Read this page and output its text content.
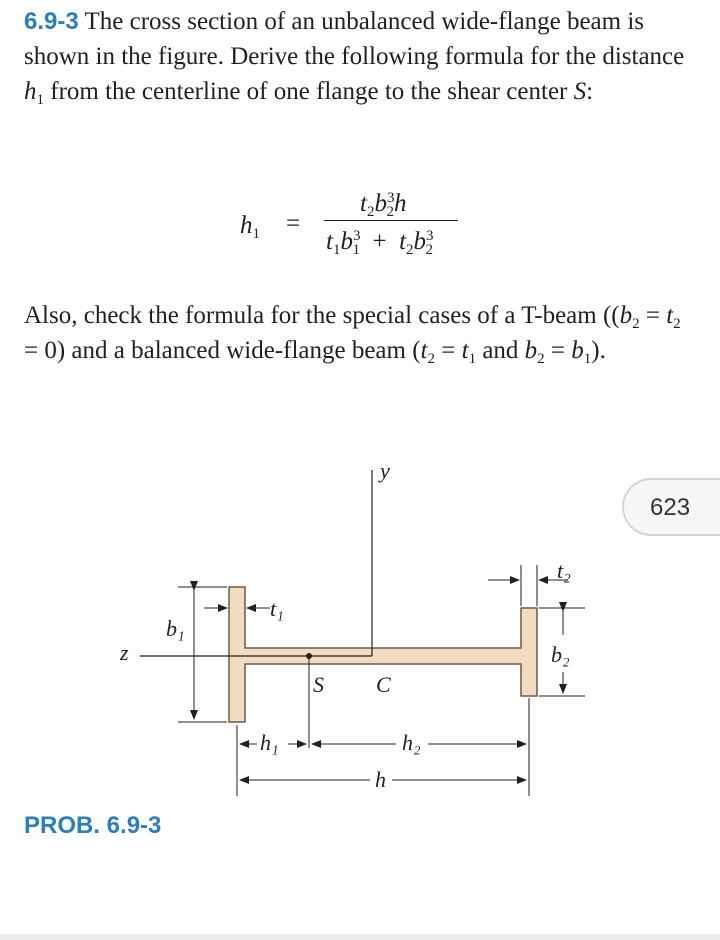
6.9-3 The cross section of an unbalanced wide-flange beam is shown in the figure. Derive the following formula for the distance $h_1$ from the centerline of one flange to the shear center S:

$h_1$ =
$t_2b^3_2h$
$t_1b^3_1 + t_2b^3_2$

Also, check the formula for the special cases of a T-beam ($(b_2 = t_2 = 0)$ and a balanced wide-flange beam ($t_2 = t_1$ and $b_2 = b_1$).

623
y
z
S C
b₁
t₁
t₂
b₂
h₁	h₂
h
PROB. 6.9-3
